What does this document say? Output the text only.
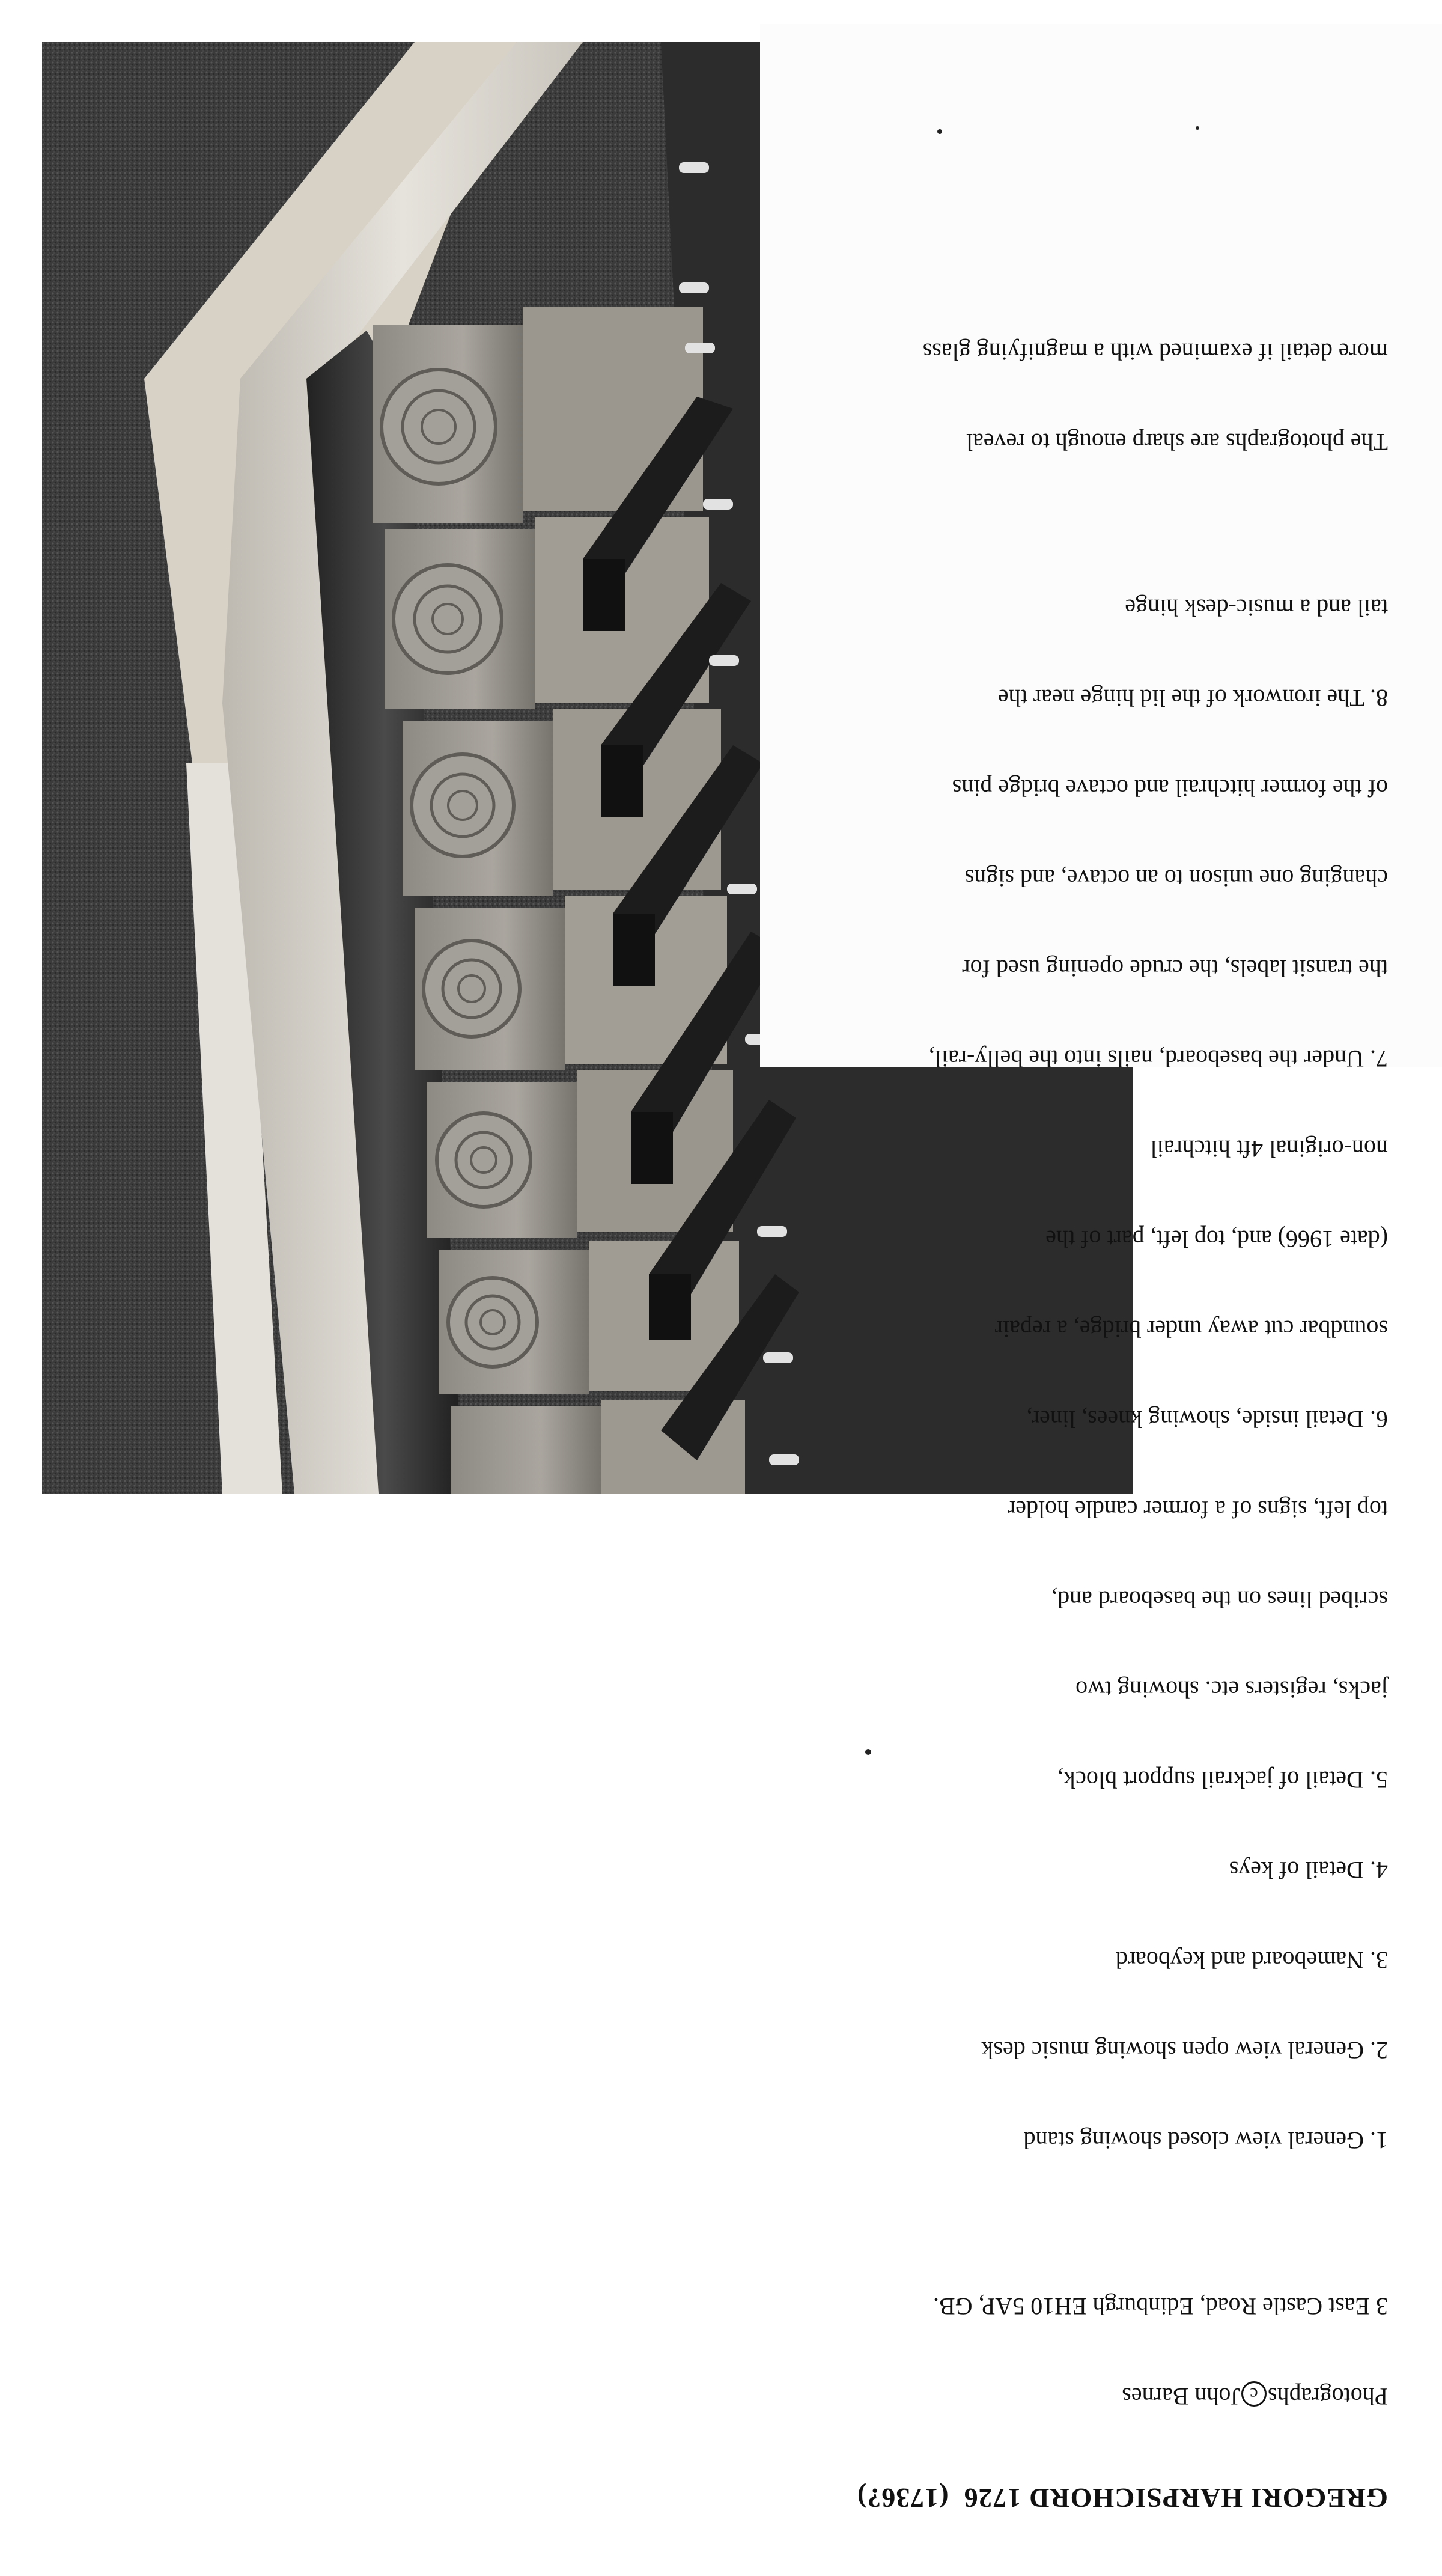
GREGORI HARPSICHORD 1726  (1736?)

PhotographscJohn Barnes

3 East Castle Road, Edinburgh EH10 5AP, GB.

1. General view closed showing stand

2. General view open showing music desk

3. Nameboard and keyboard

4. Detail of keys

5. Detail of jackrail support block,

jacks, registers etc. showing two

scribed lines on the baseboard and,

top left, signs of a former candle holder

6. Detail inside, showing knees, liner,

soundbar cut away under bridge, a repair

(date 1966) and, top left, part of the

non-original 4ft hitchrail

7. Under the baseboard, nails into the belly-rail,

the transit labels, the crude opening used for

changing one unison to an octave, and signs

of the former hitchrail and octave bridge pins

8. The ironwork of the lid hinge near the

tail and a music-desk hinge

The photographs are sharp enough to reveal

more detail if examined with a magnifying glass
